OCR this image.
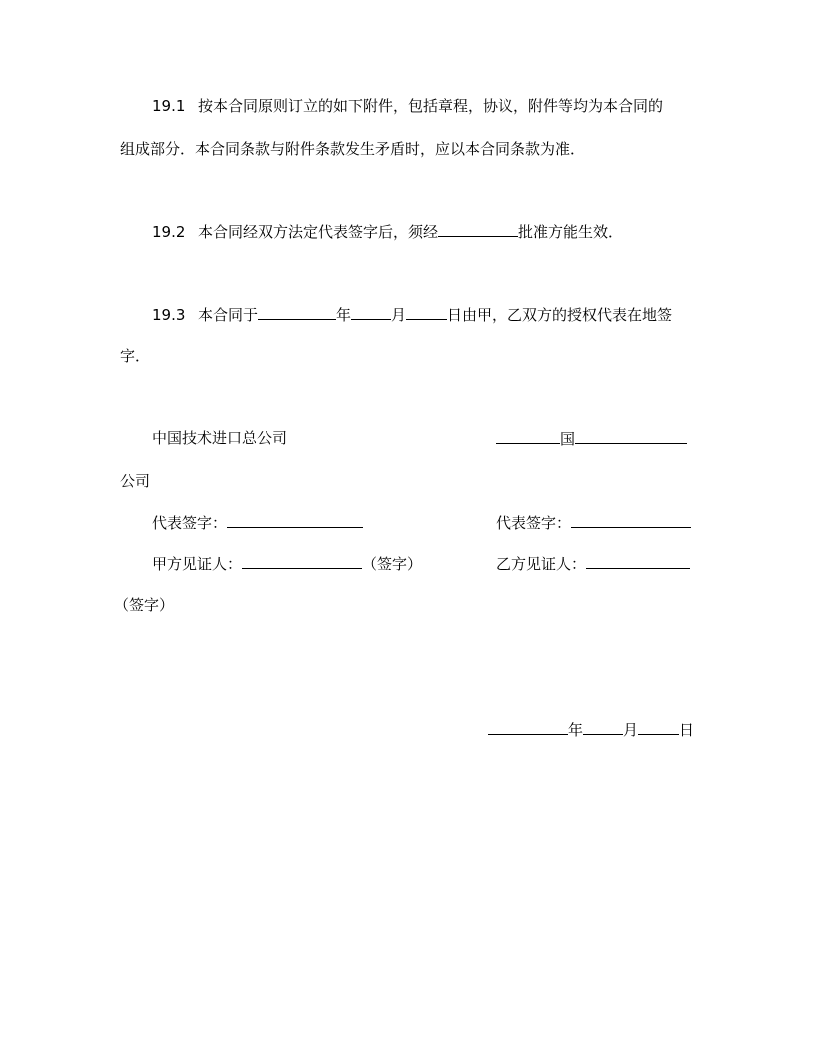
19.1 按本合同原则订立的如下附件，包括章程，协议，附件等均为本合同的
组成部分．本合同条款与附件条款发生矛盾时，应以本合同条款为准．
19.2 本合同经双方法定代表签字后，须经	批准方能生效．
19.3 本合同于	年	月	日由甲，乙双方的授权代表在地签
字．
中国技术进口总公司	国
公司
代表签字：	代表签字：
甲方见证人：	（签字）	乙方见证人：
（签字）
年	月	日
